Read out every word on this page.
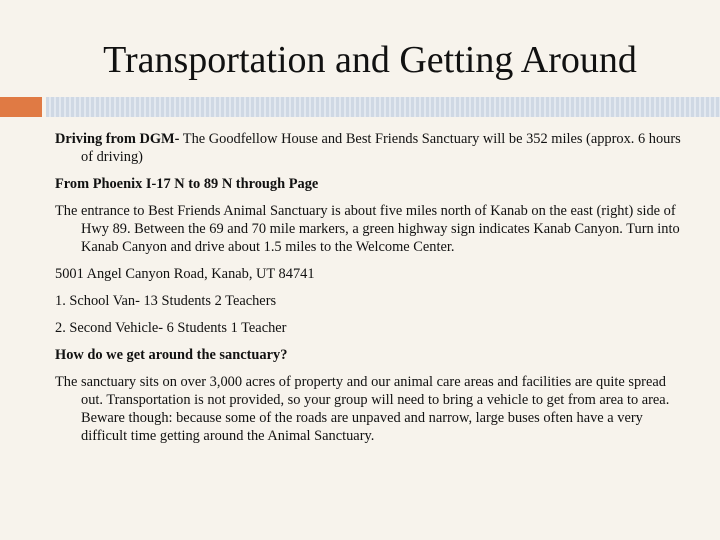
Transportation and Getting Around

Driving from DGM- The Goodfellow House and Best Friends Sanctuary will be 352 miles (approx. 6 hours of driving)

From Phoenix I-17 N to 89 N through Page

The entrance to Best Friends Animal Sanctuary is about five miles north of Kanab on the east (right) side of Hwy 89. Between the 69 and 70 mile markers, a green highway sign indicates Kanab Canyon. Turn into Kanab Canyon and drive about 1.5 miles to the Welcome Center.

5001 Angel Canyon Road, Kanab, UT 84741

1. School Van- 13 Students 2 Teachers

2. Second Vehicle- 6 Students 1 Teacher

How do we get around the sanctuary?

The sanctuary sits on over 3,000 acres of property and our animal care areas and facilities are quite spread out. Transportation is not provided, so your group will need to bring a vehicle to get from area to area. Beware though: because some of the roads are unpaved and narrow, large buses often have a very difficult time getting around the Animal Sanctuary.
